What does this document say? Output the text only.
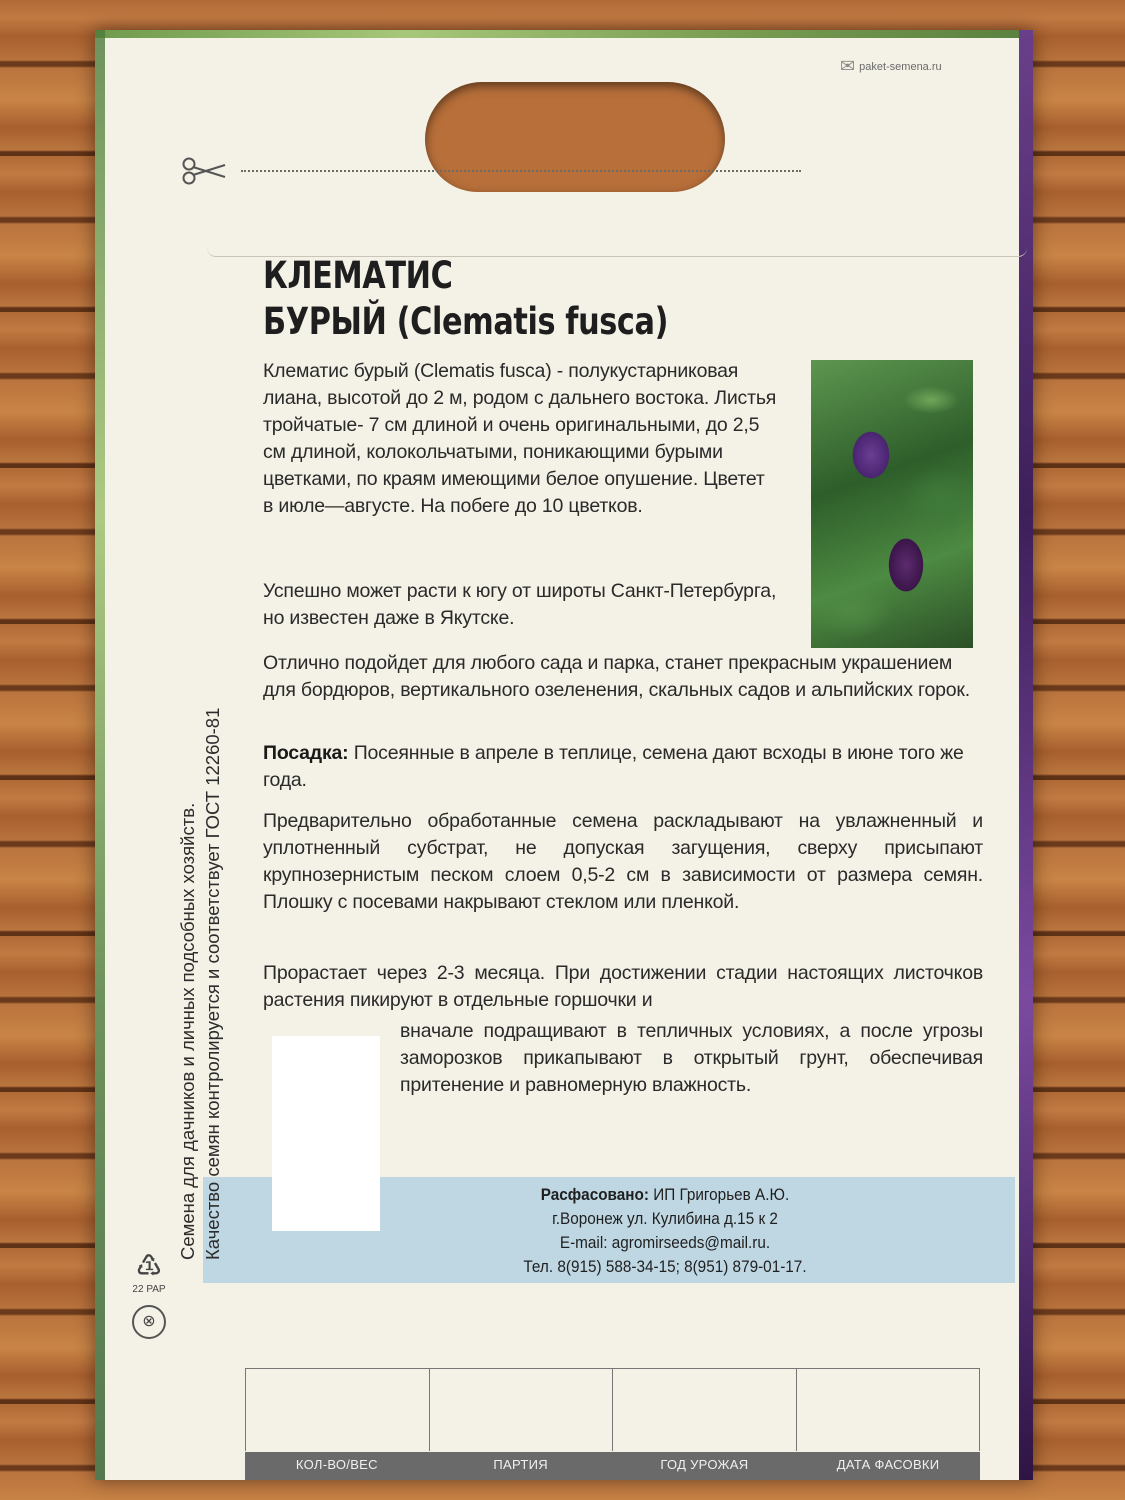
✉ paket-semena.ru
КЛЕМАТИС
БУРЫЙ (Clematis fusca)
Клематис бурый (Clematis fusca) - полукустарниковая лиана, высотой до 2 м, родом с дальнего востока. Листья тройчатые- 7 см длиной и очень оригинальными, до 2,5 см длиной, колокольчатыми, поникающими бурыми цветками, по краям имеющими белое опушение. Цветет в июле—августе. На побеге до 10 цветков.
Успешно может расти к югу от широты Санкт-Петербурга, но известен даже в Якутске.
Отлично подойдет для любого сада и парка, станет прекрасным украшением для бордюров, вертикального озеленения, скальных садов и альпийских горок.
Посадка: Посеянные в апреле в теплице, семена дают всходы в июне того же года.
Предварительно обработанные семена раскладывают на увлажненный и уплотненный субстрат, не допуская загущения, сверху присыпают крупнозернистым песком слоем 0,5-2 см в зависимости от размера семян. Плошку с посевами накрывают стеклом или пленкой.
Прорастает через 2-3 месяца. При достижении стадии настоящих листочков растения пикируют в отдельные горшочки и
вначале подращивают в тепличных условиях, а после угрозы заморозков прикапывают в открытый грунт, обеспечивая притенение и равномерную влажность.
Расфасовано: ИП Григорьев А.Ю.
г.Воронеж ул. Кулибина д.15 к 2
E-mail: agromirseeds@mail.ru.
Тел. 8(915) 588-34-15; 8(951) 879-01-17.
Семена для дачников и личных подсобных хозяйств. Качество семян контролируется и соответствует ГОСТ 12260-81
♳
22 PAP
⊗
КОЛ-ВО/ВЕС	ПАРТИЯ	ГОД УРОЖАЯ	ДАТА ФАСОВКИ
